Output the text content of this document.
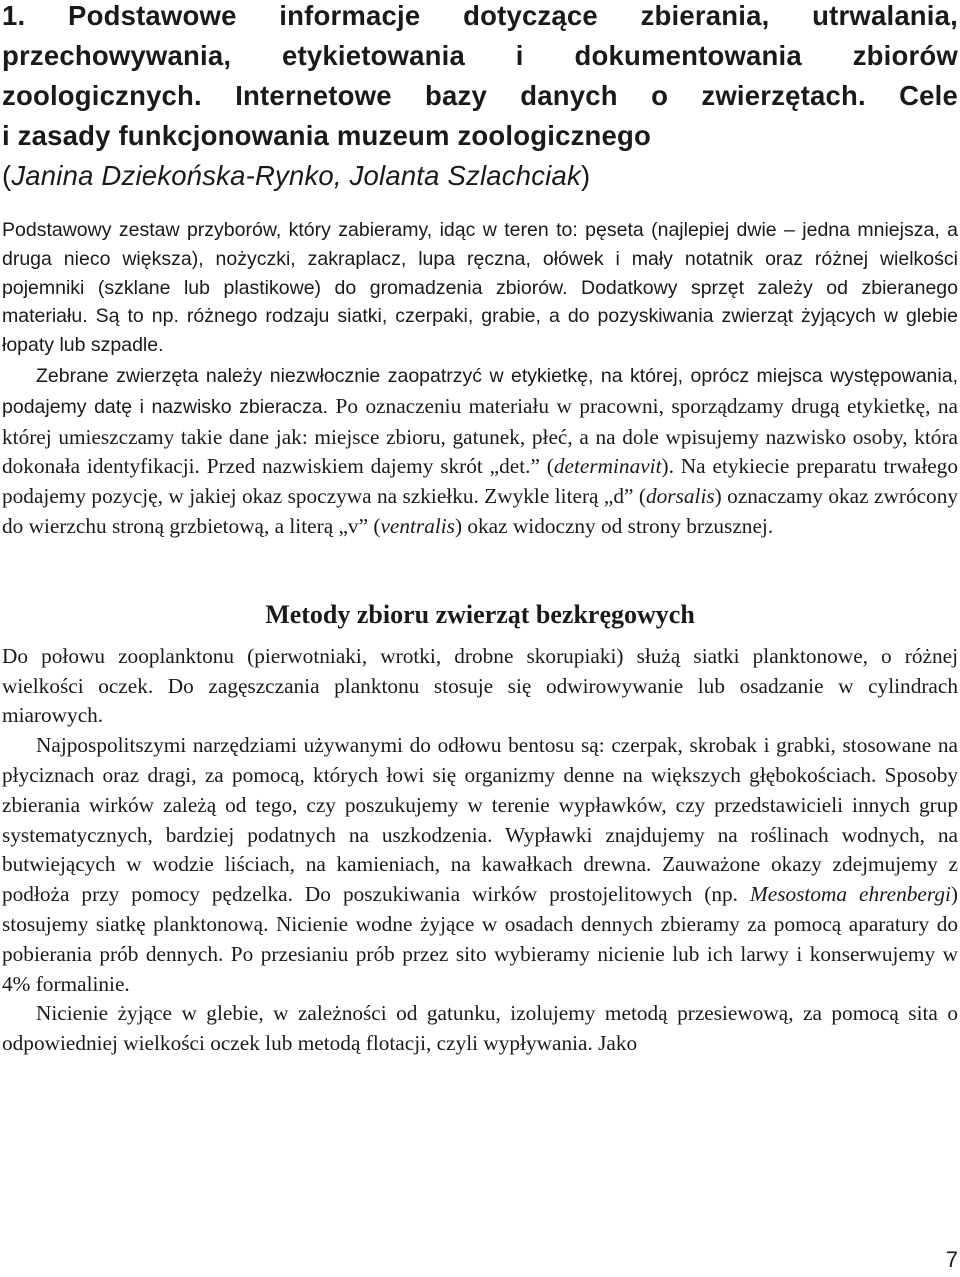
1. Podstawowe informacje dotyczące zbierania, utrwalania,
przechowywania, etykietowania i dokumentowania zbiorów
zoologicznych. Internetowe bazy danych o zwierzętach. Cele
i zasady funkcjonowania muzeum zoologicznego
(Janina Dziekońska-Rynko, Jolanta Szlachciak)

Podstawowy zestaw przyborów, który zabieramy, idąc w teren to: pęseta (najlepiej dwie – jedna mniejsza, a druga nieco większa), nożyczki, zakraplacz, lupa ręczna, ołówek i mały notatnik oraz różnej wielkości pojemniki (szklane lub plastikowe) do gromadzenia zbiorów. Dodatkowy sprzęt zależy od zbieranego materiału. Są to np. różnego rodzaju siatki, czerpaki, grabie, a do pozyskiwania zwierząt żyjących w glebie łopaty lub szpadle.

Zebrane zwierzęta należy niezwłocznie zaopatrzyć w etykietkę, na której, oprócz miejsca występowania, podajemy datę i nazwisko zbieracza. Po oznaczeniu materiału w pracowni, sporządzamy drugą etykietkę, na której umieszczamy takie dane jak: miejsce zbioru, gatunek, płeć, a na dole wpisujemy nazwisko osoby, która dokonała identyfikacji. Przed nazwiskiem dajemy skrót „det.” (determinavit). Na etykiecie preparatu trwałego podajemy pozycję, w jakiej okaz spoczywa na szkiełku. Zwykle literą „d” (dorsalis) oznaczamy okaz zwrócony do wierzchu stroną grzbietową, a literą „v” (ventralis) okaz widoczny od strony brzusznej.

Metody zbioru zwierząt bezkręgowych

Do połowu zooplanktonu (pierwotniaki, wrotki, drobne skorupiaki) służą siatki planktonowe, o różnej wielkości oczek. Do zagęszczania planktonu stosuje się odwirowywanie lub osadzanie w cylindrach miarowych.

Najpospolitszymi narzędziami używanymi do odłowu bentosu są: czerpak, skrobak i grabki, stosowane na płyciznach oraz dragi, za pomocą, których łowi się organizmy denne na większych głębokościach. Sposoby zbierania wirków zależą od tego, czy poszukujemy w terenie wypławków, czy przedstawicieli innych grup systematycznych, bardziej podatnych na uszkodzenia. Wypławki znajdujemy na roślinach wodnych, na butwiejących w wodzie liściach, na kamieniach, na kawałkach drewna. Zauważone okazy zdejmujemy z podłoża przy pomocy pędzelka. Do poszukiwania wirków prostojelitowych (np. Mesostoma ehrenbergi) stosujemy siatkę planktonową. Nicienie wodne żyjące w osadach dennych zbieramy za pomocą aparatury do pobierania prób dennych. Po przesianiu prób przez sito wybieramy nicienie lub ich larwy i konserwujemy w 4% formalinie.

Nicienie żyjące w glebie, w zależności od gatunku, izolujemy metodą przesiewową, za pomocą sita o odpowiedniej wielkości oczek lub metodą flotacji, czyli wypływania. Jako

7
